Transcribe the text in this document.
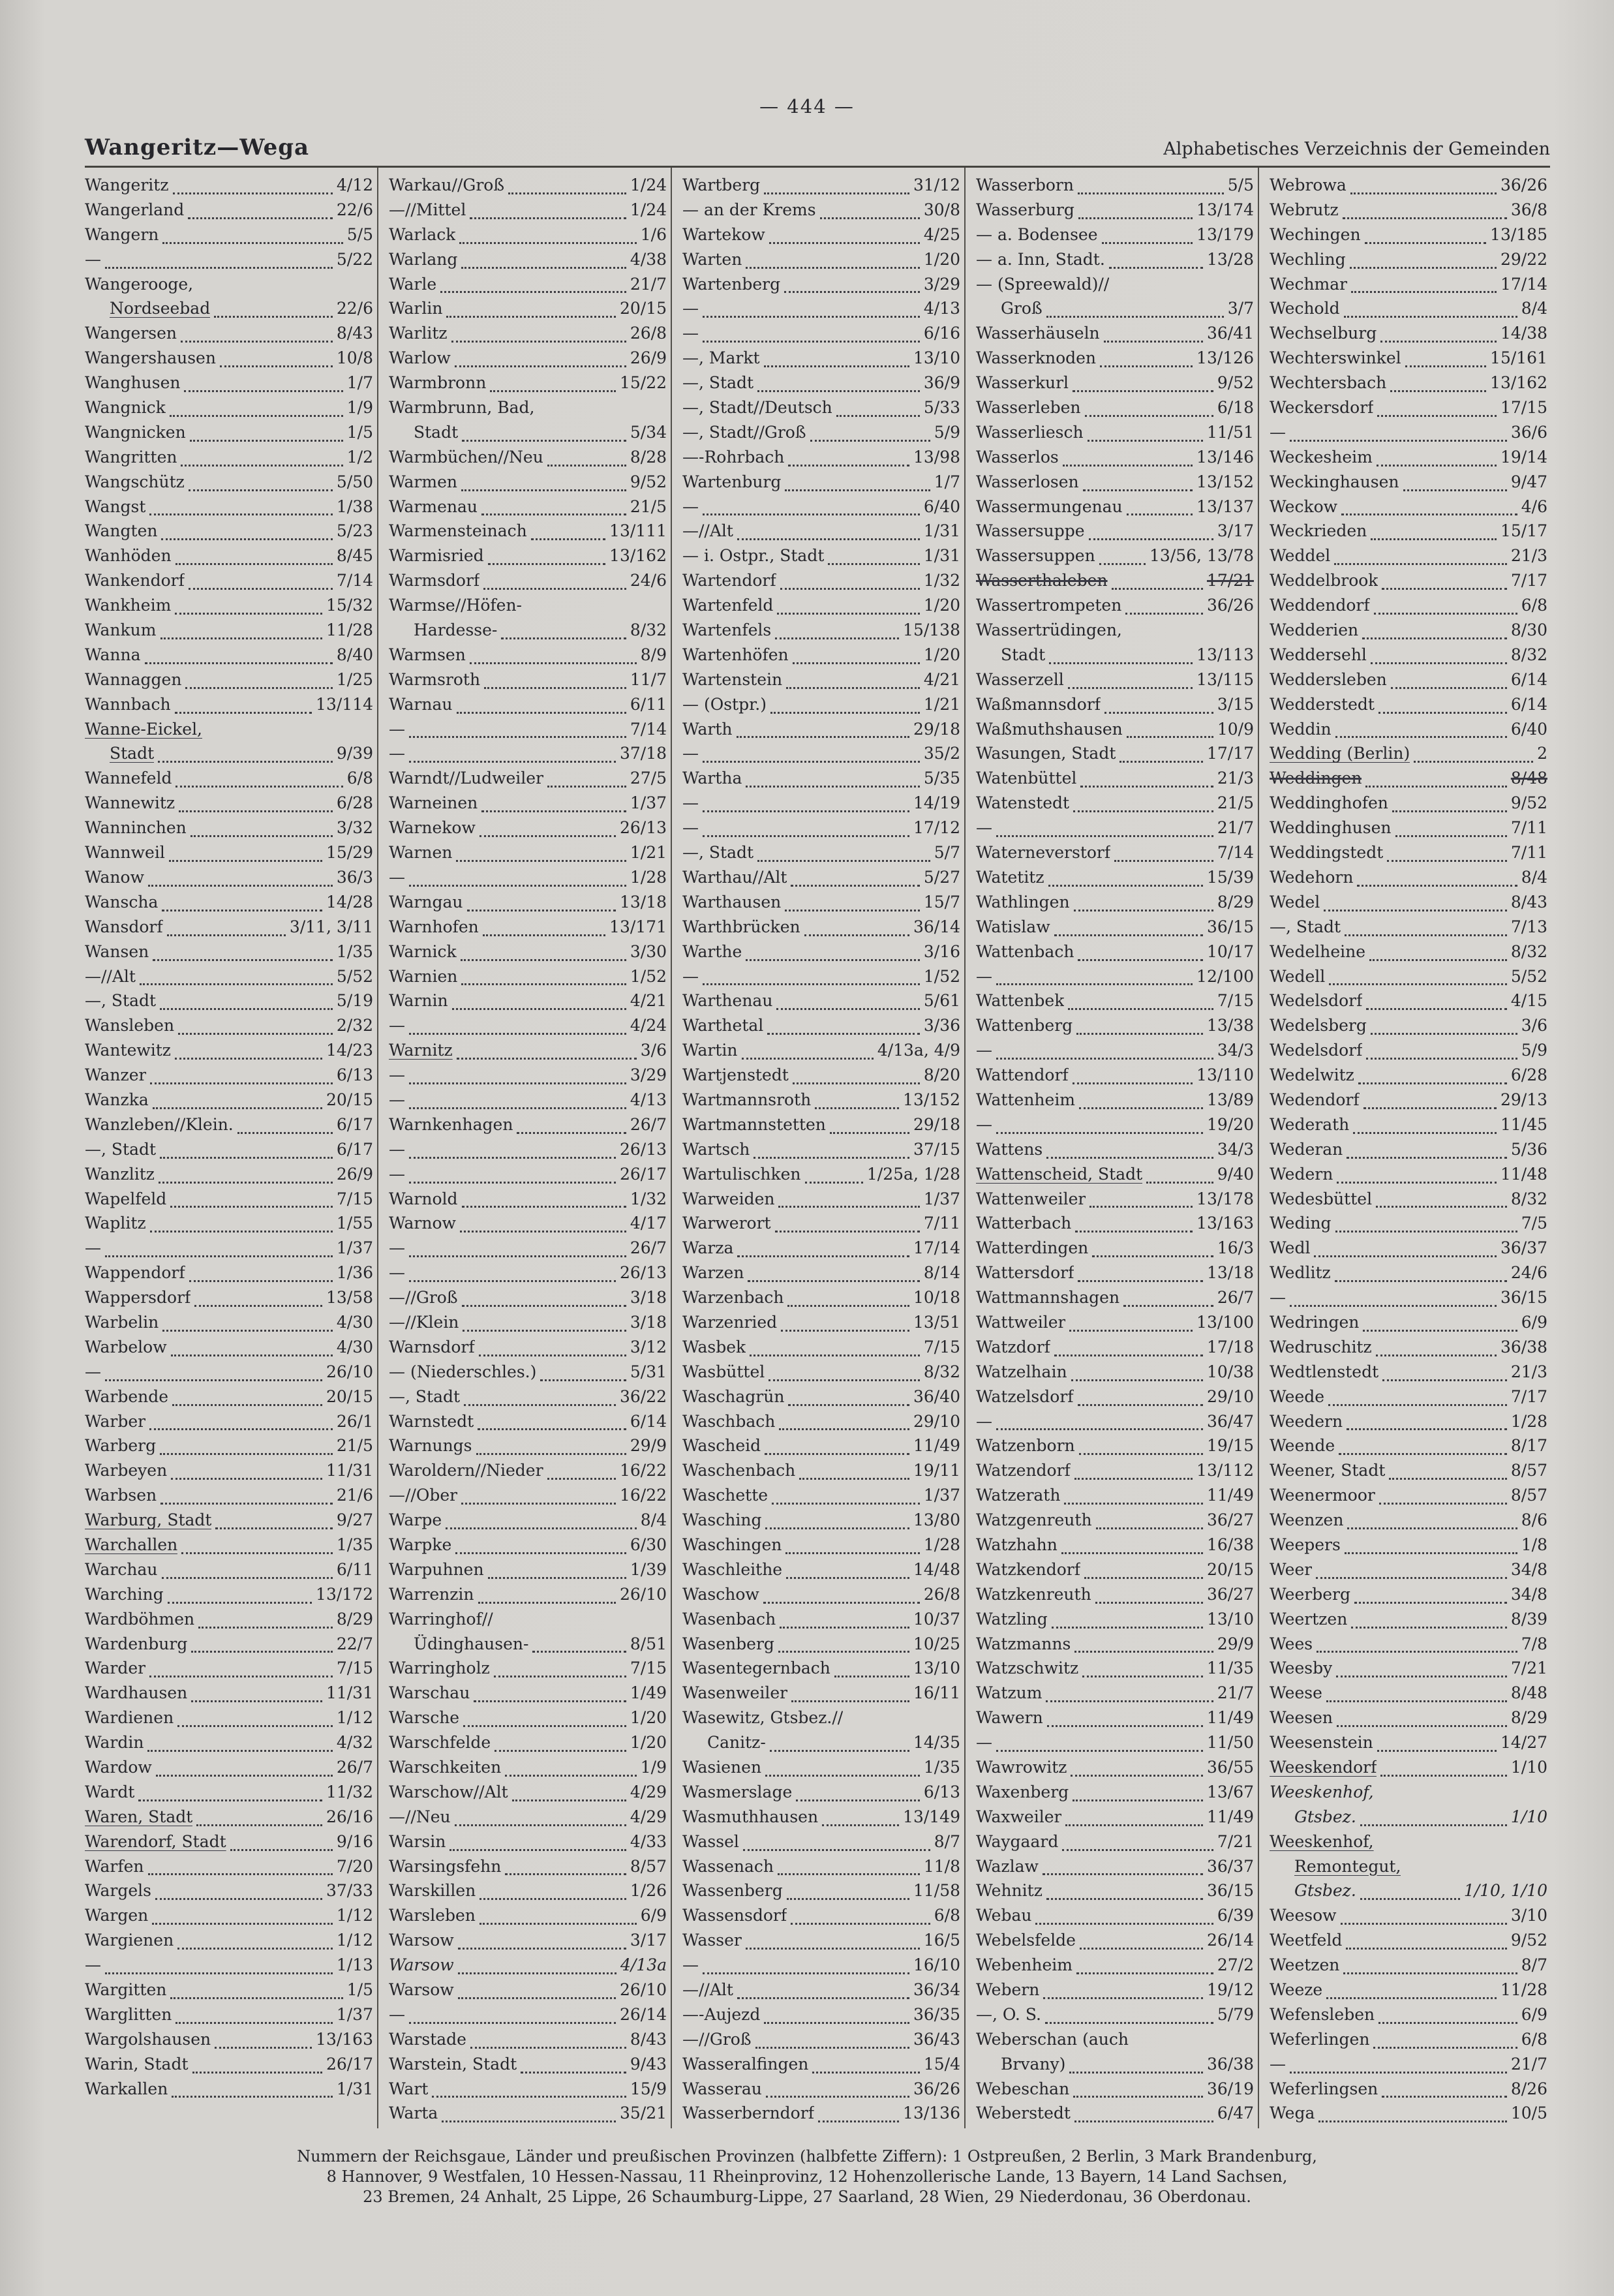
— 444 —
Wangeritz—Wega	Alphabetisches Verzeichnis der Gemeinden
Wangeritz	4/12
Wangerland	22/6
Wangern	5/5
—	5/22
Wangerooge,
Nordseebad	22/6
Wangersen	8/43
Wangershausen	10/8
Wanghusen	1/7
Wangnick	1/9
Wangnicken	1/5
Wangritten	1/2
Wangschütz	5/50
Wangst	1/38
Wangten	5/23
Wanhöden	8/45
Wankendorf	7/14
Wankheim	15/32
Wankum	11/28
Wanna	8/40
Wannaggen	1/25
Wannbach	13/114
Wanne-Eickel,
Stadt	9/39
Wannefeld	6/8
Wannewitz	6/28
Wanninchen	3/32
Wannweil	15/29
Wanow	36/3
Wanscha	14/28
Wansdorf	3/11, 3/11
Wansen	1/35
—//Alt	5/52
—, Stadt	5/19
Wansleben	2/32
Wantewitz	14/23
Wanzer	6/13
Wanzka	20/15
Wanzleben//Klein.	6/17
—, Stadt	6/17
Wanzlitz	26/9
Wapelfeld	7/15
Waplitz	1/55
—	1/37
Wappendorf	1/36
Wappersdorf	13/58
Warbelin	4/30
Warbelow	4/30
—	26/10
Warbende	20/15
Warber	26/1
Warberg	21/5
Warbeyen	11/31
Warbsen	21/6
Warburg, Stadt	9/27
Warchallen	1/35
Warchau	6/11
Warching	13/172
Wardböhmen	8/29
Wardenburg	22/7
Warder	7/15
Wardhausen	11/31
Wardienen	1/12
Wardin	4/32
Wardow	26/7
Wardt	11/32
Waren, Stadt	26/16
Warendorf, Stadt	9/16
Warfen	7/20
Wargels	37/33
Wargen	1/12
Wargienen	1/12
—	1/13
Wargitten	1/5
Warglitten	1/37
Wargolshausen	13/163
Warin, Stadt	26/17
Warkallen	1/31
Warkau//Groß	1/24
—//Mittel	1/24
Warlack	1/6
Warlang	4/38
Warle	21/7
Warlin	20/15
Warlitz	26/8
Warlow	26/9
Warmbronn	15/22
Warmbrunn, Bad,
Stadt	5/34
Warmbüchen//Neu	8/28
Warmen	9/52
Warmenau	21/5
Warmensteinach	13/111
Warmisried	13/162
Warmsdorf	24/6
Warmse//Höfen-
Hardesse-	8/32
Warmsen	8/9
Warmsroth	11/7
Warnau	6/11
—	7/14
—	37/18
Warndt//Ludweiler	27/5
Warneinen	1/37
Warnekow	26/13
Warnen	1/21
—	1/28
Warngau	13/18
Warnhofen	13/171
Warnick	3/30
Warnien	1/52
Warnin	4/21
—	4/24
Warnitz	3/6
—	3/29
—	4/13
Warnkenhagen	26/7
—	26/13
—	26/17
Warnold	1/32
Warnow	4/17
—	26/7
—	26/13
—//Groß	3/18
—//Klein	3/18
Warnsdorf	3/12
— (Niederschles.)	5/31
—, Stadt	36/22
Warnstedt	6/14
Warnungs	29/9
Waroldern//Nieder	16/22
—//Ober	16/22
Warpe	8/4
Warpke	6/30
Warpuhnen	1/39
Warrenzin	26/10
Warringhof//
Üdinghausen-	8/51
Warringholz	7/15
Warschau	1/49
Warsche	1/20
Warschfelde	1/20
Warschkeiten	1/9
Warschow//Alt	4/29
—//Neu	4/29
Warsin	4/33
Warsingsfehn	8/57
Warskillen	1/26
Warsleben	6/9
Warsow	3/17
Warsow	4/13a
Warsow	26/10
—	26/14
Warstade	8/43
Warstein, Stadt	9/43
Wart	15/9
Warta	35/21
Wartberg	31/12
— an der Krems	30/8
Wartekow	4/25
Warten	1/20
Wartenberg	3/29
—	4/13
—	6/16
—, Markt	13/10
—, Stadt	36/9
—, Stadt//Deutsch	5/33
—, Stadt//Groß	5/9
—-Rohrbach	13/98
Wartenburg	1/7
—	6/40
—//Alt	1/31
— i. Ostpr., Stadt	1/31
Wartendorf	1/32
Wartenfeld	1/20
Wartenfels	15/138
Wartenhöfen	1/20
Wartenstein	4/21
— (Ostpr.)	1/21
Warth	29/18
—	35/2
Wartha	5/35
—	14/19
—	17/12
—, Stadt	5/7
Warthau//Alt	5/27
Warthausen	15/7
Warthbrücken	36/14
Warthe	3/16
—	1/52
Warthenau	5/61
Warthetal	3/36
Wartin	4/13a, 4/9
Wartjenstedt	8/20
Wartmannsroth	13/152
Wartmannstetten	29/18
Wartsch	37/15
Wartulischken	1/25a, 1/28
Warweiden	1/37
Warwerort	7/11
Warza	17/14
Warzen	8/14
Warzenbach	10/18
Warzenried	13/51
Wasbek	7/15
Wasbüttel	8/32
Waschagrün	36/40
Waschbach	29/10
Wascheid	11/49
Waschenbach	19/11
Waschette	1/37
Wasching	13/80
Waschingen	1/28
Waschleithe	14/48
Waschow	26/8
Wasenbach	10/37
Wasenberg	10/25
Wasentegernbach	13/10
Wasenweiler	16/11
Wasewitz, Gtsbez.//
Canitz-	14/35
Wasienen	1/35
Wasmerslage	6/13
Wasmuthhausen	13/149
Wassel	8/7
Wassenach	11/8
Wassenberg	11/58
Wassensdorf	6/8
Wasser	16/5
—	16/10
—//Alt	36/34
—-Aujezd	36/35
—//Groß	36/43
Wasseralfingen	15/4
Wasserau	36/26
Wasserberndorf	13/136
Wasserborn	5/5
Wasserburg	13/174
— a. Bodensee	13/179
— a. Inn, Stadt.	13/28
— (Spreewald)//
Groß	3/7
Wasserhäuseln	36/41
Wasserknoden	13/126
Wasserkurl	9/52
Wasserleben	6/18
Wasserliesch	11/51
Wasserlos	13/146
Wasserlosen	13/152
Wassermungenau	13/137
Wassersuppe	3/17
Wassersuppen	13/56, 13/78
Wasserthaleben	17/21
Wassertrompeten	36/26
Wassertrüdingen,
Stadt	13/113
Wasserzell	13/115
Waßmannsdorf	3/15
Waßmuthshausen	10/9
Wasungen, Stadt	17/17
Watenbüttel	21/3
Watenstedt	21/5
—	21/7
Waterneverstorf	7/14
Watetitz	15/39
Wathlingen	8/29
Watislaw	36/15
Wattenbach	10/17
—	12/100
Wattenbek	7/15
Wattenberg	13/38
—	34/3
Wattendorf	13/110
Wattenheim	13/89
—	19/20
Wattens	34/3
Wattenscheid, Stadt	9/40
Wattenweiler	13/178
Watterbach	13/163
Watterdingen	16/3
Wattersdorf	13/18
Wattmannshagen	26/7
Wattweiler	13/100
Watzdorf	17/18
Watzelhain	10/38
Watzelsdorf	29/10
—	36/47
Watzenborn	19/15
Watzendorf	13/112
Watzerath	11/49
Watzgenreuth	36/27
Watzhahn	16/38
Watzkendorf	20/15
Watzkenreuth	36/27
Watzling	13/10
Watzmanns	29/9
Watzschwitz	11/35
Watzum	21/7
Wawern	11/49
—	11/50
Wawrowitz	36/55
Waxenberg	13/67
Waxweiler	11/49
Waygaard	7/21
Wazlaw	36/37
Wehnitz	36/15
Webau	6/39
Webelsfelde	26/14
Webenheim	27/2
Webern	19/12
—, O. S.	5/79
Weberschan (auch
Brvany)	36/38
Webeschan	36/19
Weberstedt	6/47
Webrowa	36/26
Webrutz	36/8
Wechingen	13/185
Wechling	29/22
Wechmar	17/14
Wechold	8/4
Wechselburg	14/38
Wechterswinkel	15/161
Wechtersbach	13/162
Weckersdorf	17/15
—	36/6
Weckesheim	19/14
Weckinghausen	9/47
Weckow	4/6
Weckrieden	15/17
Weddel	21/3
Weddelbrook	7/17
Weddendorf	6/8
Wedderien	8/30
Weddersehl	8/32
Weddersleben	6/14
Wedderstedt	6/14
Weddin	6/40
Wedding (Berlin)	2
Weddingen	8/48
Weddinghofen	9/52
Weddinghusen	7/11
Weddingstedt	7/11
Wedehorn	8/4
Wedel	8/43
—, Stadt	7/13
Wedelheine	8/32
Wedell	5/52
Wedelsdorf	4/15
Wedelsberg	3/6
Wedelsdorf	5/9
Wedelwitz	6/28
Wedendorf	29/13
Wederath	11/45
Wederan	5/36
Wedern	11/48
Wedesbüttel	8/32
Weding	7/5
Wedl	36/37
Wedlitz	24/6
—	36/15
Wedringen	6/9
Wedruschitz	36/38
Wedtlenstedt	21/3
Weede	7/17
Weedern	1/28
Weende	8/17
Weener, Stadt	8/57
Weenermoor	8/57
Weenzen	8/6
Weepers	1/8
Weer	34/8
Weerberg	34/8
Weertzen	8/39
Wees	7/8
Weesby	7/21
Weese	8/48
Weesen	8/29
Weesenstein	14/27
Weeskendorf	1/10
Weeskenhof,
Gtsbez.	1/10
Weeskenhof,
Remontegut,
Gtsbez.	1/10, 1/10
Weesow	3/10
Weetfeld	9/52
Weetzen	8/7
Weeze	11/28
Wefensleben	6/9
Weferlingen	6/8
—	21/7
Weferlingsen	8/26
Wega	10/5
Nummern der Reichsgaue, Länder und preußischen Provinzen (halbfette Ziffern): 1 Ostpreußen, 2 Berlin, 3 Mark Brandenburg,
8 Hannover, 9 Westfalen, 10 Hessen-Nassau, 11 Rheinprovinz, 12 Hohenzollerische Lande, 13 Bayern, 14 Land Sachsen,
23 Bremen, 24 Anhalt, 25 Lippe, 26 Schaumburg-Lippe, 27 Saarland, 28 Wien, 29 Niederdonau, 36 Oberdonau.
